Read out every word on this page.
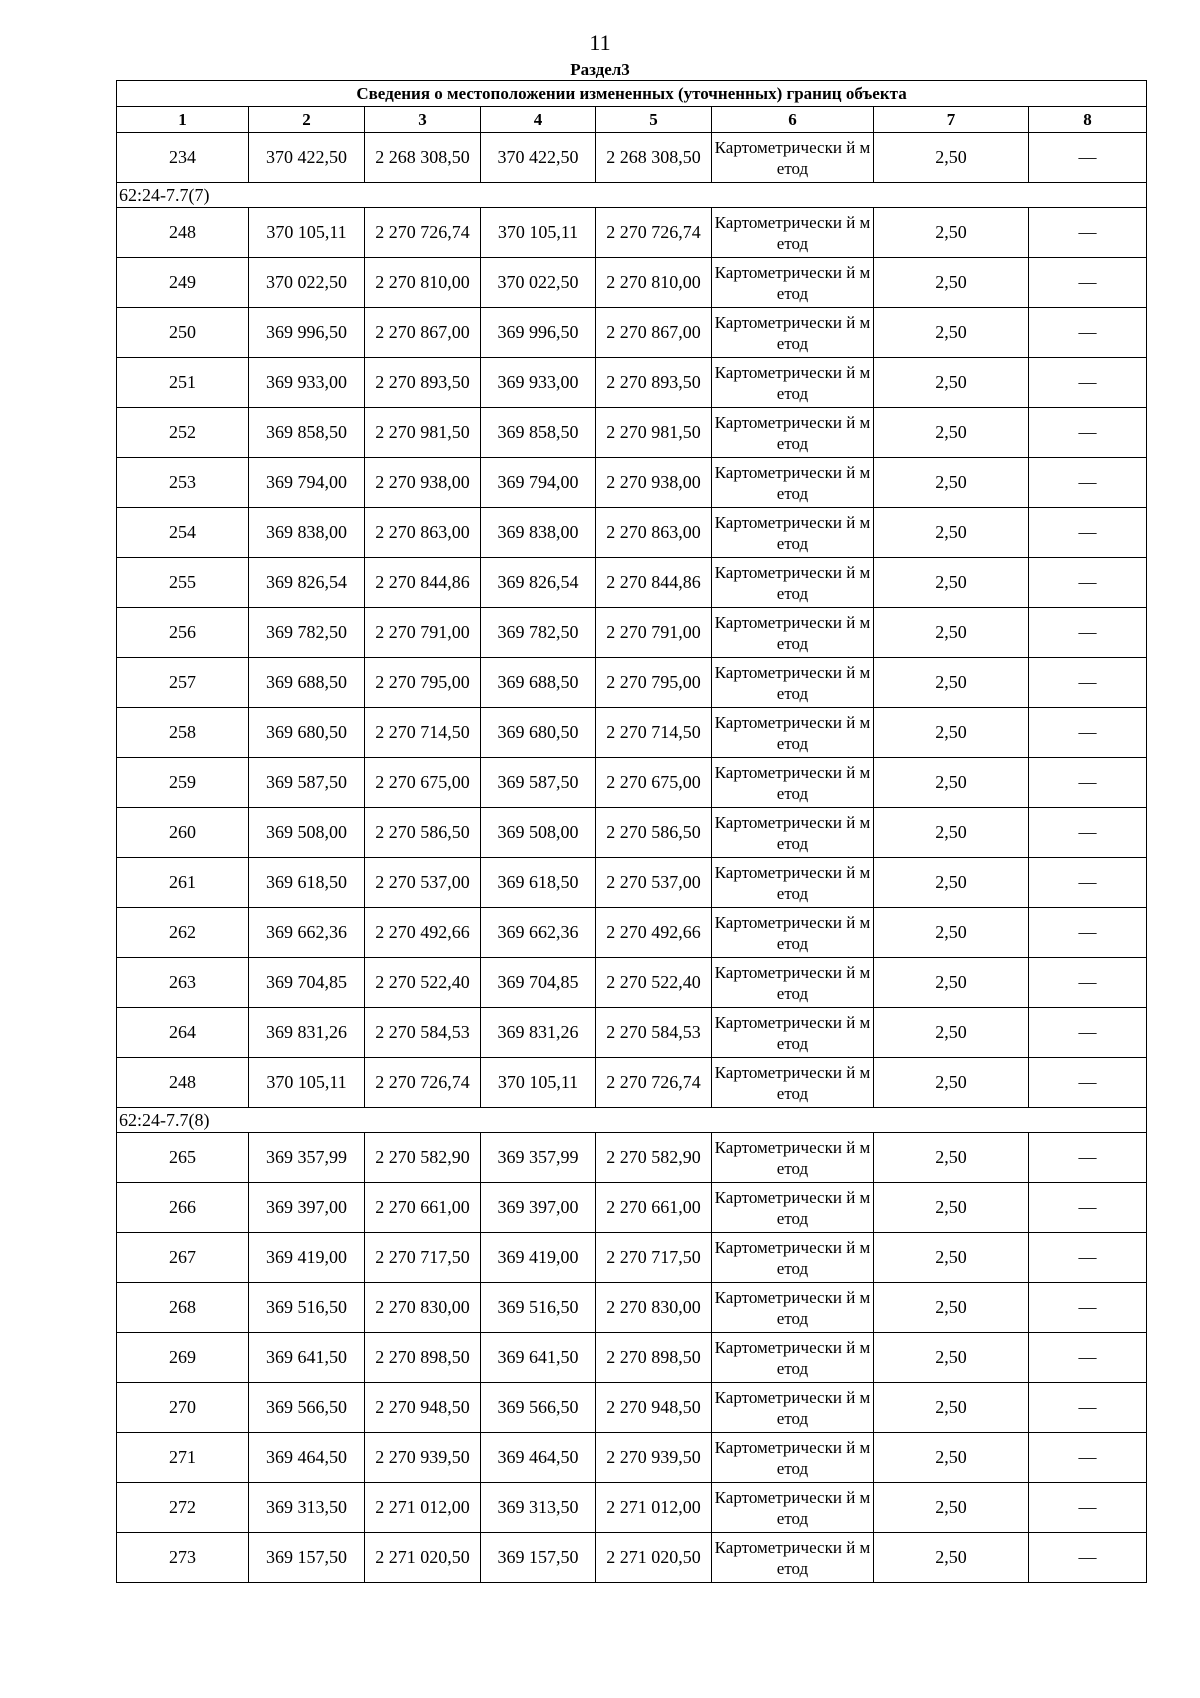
11
Раздел3
Сведения о местоположении измененных (уточненных) границ объекта							
1	2	3	4	5	6	7	8
234	370 422,50	2 268 308,50	370 422,50	2 268 308,50	Картометрически й метод	2,50	—
62:24-7.7(7)							
248	370 105,11	2 270 726,74	370 105,11	2 270 726,74	Картометрически й метод	2,50	—
249	370 022,50	2 270 810,00	370 022,50	2 270 810,00	Картометрически й метод	2,50	—
250	369 996,50	2 270 867,00	369 996,50	2 270 867,00	Картометрически й метод	2,50	—
251	369 933,00	2 270 893,50	369 933,00	2 270 893,50	Картометрически й метод	2,50	—
252	369 858,50	2 270 981,50	369 858,50	2 270 981,50	Картометрически й метод	2,50	—
253	369 794,00	2 270 938,00	369 794,00	2 270 938,00	Картометрически й метод	2,50	—
254	369 838,00	2 270 863,00	369 838,00	2 270 863,00	Картометрически й метод	2,50	—
255	369 826,54	2 270 844,86	369 826,54	2 270 844,86	Картометрически й метод	2,50	—
256	369 782,50	2 270 791,00	369 782,50	2 270 791,00	Картометрически й метод	2,50	—
257	369 688,50	2 270 795,00	369 688,50	2 270 795,00	Картометрически й метод	2,50	—
258	369 680,50	2 270 714,50	369 680,50	2 270 714,50	Картометрически й метод	2,50	—
259	369 587,50	2 270 675,00	369 587,50	2 270 675,00	Картометрически й метод	2,50	—
260	369 508,00	2 270 586,50	369 508,00	2 270 586,50	Картометрически й метод	2,50	—
261	369 618,50	2 270 537,00	369 618,50	2 270 537,00	Картометрически й метод	2,50	—
262	369 662,36	2 270 492,66	369 662,36	2 270 492,66	Картометрически й метод	2,50	—
263	369 704,85	2 270 522,40	369 704,85	2 270 522,40	Картометрически й метод	2,50	—
264	369 831,26	2 270 584,53	369 831,26	2 270 584,53	Картометрически й метод	2,50	—
248	370 105,11	2 270 726,74	370 105,11	2 270 726,74	Картометрически й метод	2,50	—
62:24-7.7(8)							
265	369 357,99	2 270 582,90	369 357,99	2 270 582,90	Картометрически й метод	2,50	—
266	369 397,00	2 270 661,00	369 397,00	2 270 661,00	Картометрически й метод	2,50	—
267	369 419,00	2 270 717,50	369 419,00	2 270 717,50	Картометрически й метод	2,50	—
268	369 516,50	2 270 830,00	369 516,50	2 270 830,00	Картометрически й метод	2,50	—
269	369 641,50	2 270 898,50	369 641,50	2 270 898,50	Картометрически й метод	2,50	—
270	369 566,50	2 270 948,50	369 566,50	2 270 948,50	Картометрически й метод	2,50	—
271	369 464,50	2 270 939,50	369 464,50	2 270 939,50	Картометрически й метод	2,50	—
272	369 313,50	2 271 012,00	369 313,50	2 271 012,00	Картометрически й метод	2,50	—
273	369 157,50	2 271 020,50	369 157,50	2 271 020,50	Картометрически й метод	2,50	—
